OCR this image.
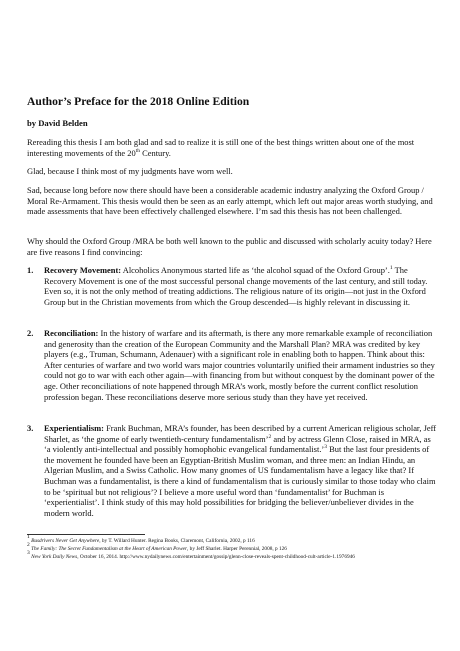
Author’s Preface for the 2018 Online Edition
by David Belden

Rereading this thesis I am both glad and sad to realize it is still one of the best things written about one of the most interesting movements of the 20th Century.

Glad, because I think most of my judgments have worn well.

Sad, because long before now there should have been a considerable academic industry analyzing the Oxford Group / Moral Re-Armament. This thesis would then be seen as an early attempt, which left out major areas worth studying, and made assessments that have been effectively challenged elsewhere. I’m sad this thesis has not been challenged.

Why should the Oxford Group /MRA be both well known to the public and discussed with scholarly acuity today? Here are five reasons I find convincing:

1.	Recovery Movement: Alcoholics Anonymous started life as ‘the alcohol squad of the Oxford Group’.$^1$ The Recovery Movement is one of the most successful personal change movements of the last century, and still today. Even so, it is not the only method of treating addictions. The religious nature of its origin—not just in the Oxford Group but in the Christian movements from which the Group descended—is highly relevant in discussing it.
2.	Reconciliation: In the history of warfare and its aftermath, is there any more remarkable example of reconciliation and generosity than the creation of the European Community and the Marshall Plan? MRA was credited by key players (e.g., Truman, Schumann, Adenauer) with a significant role in enabling both to happen. Think about this: After centuries of warfare and two world wars major countries voluntarily unified their armament industries so they could not go to war with each other again—with financing from but without conquest by the dominant power of the age. Other reconciliations of note happened through MRA’s work, mostly before the current conflict resolution profession began. These reconciliations deserve more serious study than they have yet received.
3.	Experientialism: Frank Buchman, MRA’s founder, has been described by a current American religious scholar, Jeff Sharlet, as ‘the gnome of early twentieth-century fundamentalism’$^2$ and by actress Glenn Close, raised in MRA, as ‘a violently anti-intellectual and possibly homophobic evangelical fundamentalist.’$^3$ But the last four presidents of the movement he founded have been an Egyptian-British Muslim woman, and three men: an Indian Hindu, an Algerian Muslim, and a Swiss Catholic. How many gnomes of US fundamentalism have a legacy like that? If Buchman was a fundamentalist, is there a kind of fundamentalism that is curiously similar to those today who claim to be ‘spiritual but not religious’? I believe a more useful word than ‘fundamentalist’ for Buchman is ‘experientialist’. I think study of this may hold possibilities for bridging the believer/unbeliever divides in the modern world.

$^1$ Busdrivers Never Get Anywhere, by T. Willard Hunter. Regina Books, Claremont, California, 2002, p 116

$^2$ The Family: The Secret Fundamentalism at the Heart of American Power, by Jeff Sharlet. Harper Perennial, 2008, p 126

$^3$ New York Daily News, October 16, 2014. http://www.nydailynews.com/entertainment/gossip/glenn-close-reveals-spent-childhood-cult-article-1.1976946
